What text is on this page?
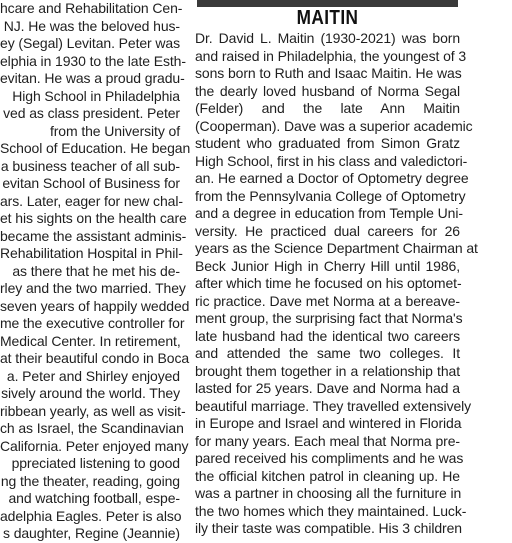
hcare and Rehabilitation Cen-
NJ. He was the beloved hus-
ey (Segal) Levitan. Peter was
elphia in 1930 to the late Esth-
evitan. He was a proud gradu-
High School in Philadelphia
ved as class president. Peter
from the University of
School of Education. He began
a business teacher of all sub-
evitan School of Business for
ars. Later, eager for new chal-
et his sights on the health care
became the assistant adminis-
Rehabilitation Hospital in Phil-
as there that he met his de-
rley and the two married. They
seven years of happily wedded
me the executive controller for
Medical Center. In retirement,
at their beautiful condo in Boca
a. Peter and Shirley enjoyed
sively around the world. They
ribbean yearly, as well as visit-
ch as Israel, the Scandinavian
California. Peter enjoyed many
ppreciated listening to good
ng the theater, reading, going
and watching football, espe-
adelphia Eagles. Peter is also
s daughter, Regine (Jeannie)
MAITIN
Dr. David L. Maitin (1930-2021) was born
and raised in Philadelphia, the youngest of 3
sons born to Ruth and Isaac Maitin. He was
the dearly loved husband of Norma Segal
(Felder) and the late Ann Maitin
(Cooperman). Dave was a superior academic
student who graduated from Simon Gratz
High School, first in his class and valedictori-
an. He earned a Doctor of Optometry degree
from the Pennsylvania College of Optometry
and a degree in education from Temple Uni-
versity. He practiced dual careers for 26
years as the Science Department Chairman at
Beck Junior High in Cherry Hill until 1986,
after which time he focused on his optomet-
ric practice. Dave met Norma at a bereave-
ment group, the surprising fact that Norma's
late husband had the identical two careers
and attended the same two colleges. It
brought them together in a relationship that
lasted for 25 years. Dave and Norma had a
beautiful marriage. They travelled extensively
in Europe and Israel and wintered in Florida
for many years. Each meal that Norma pre-
pared received his compliments and he was
the official kitchen patrol in cleaning up. He
was a partner in choosing all the furniture in
the two homes which they maintained. Luck-
ily their taste was compatible. His 3 children
